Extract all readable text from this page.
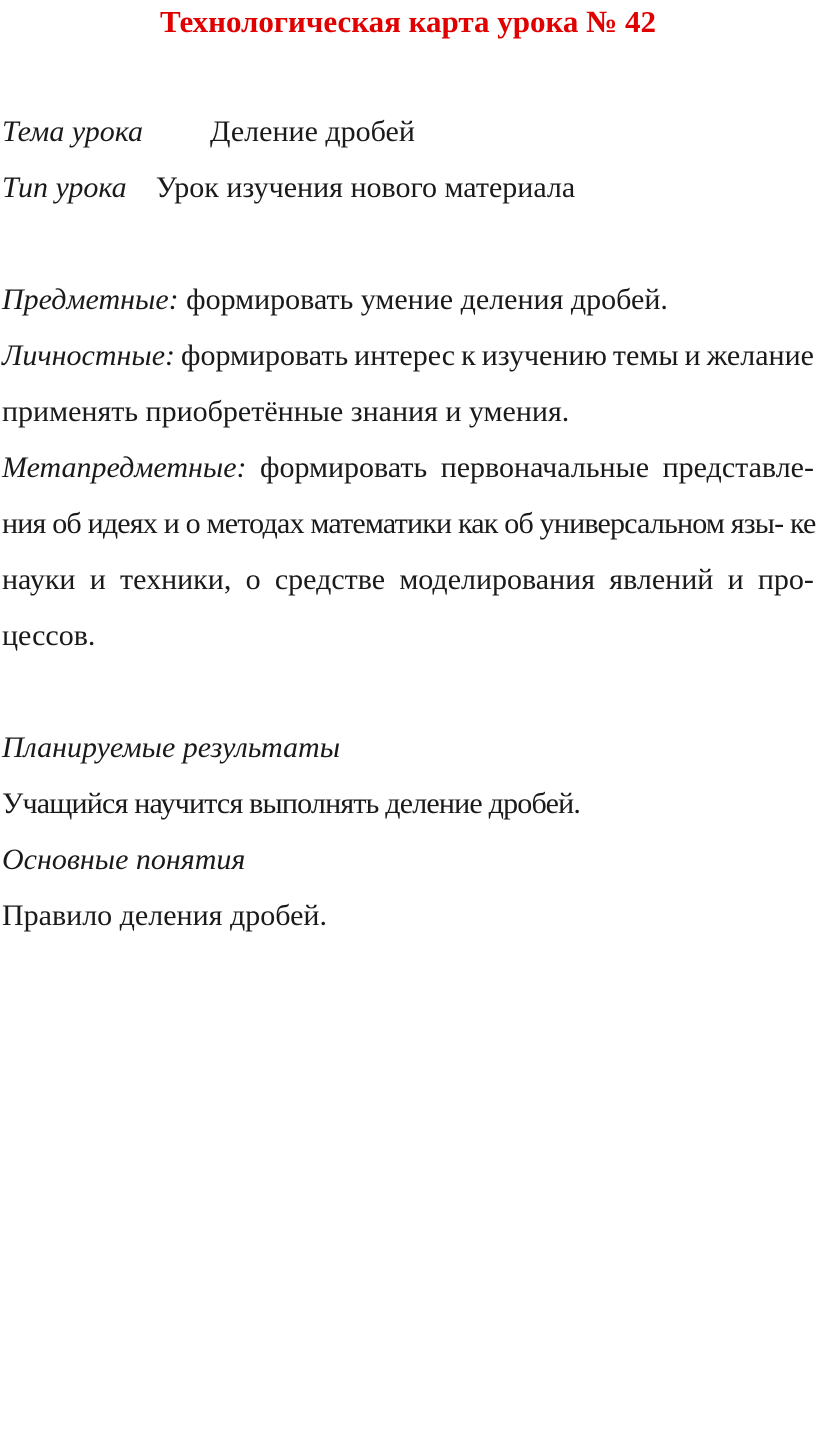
Технологическая карта урока № 42
Тема урока Деление дробей
Тип урока Урок изучения нового материала
Предметные: формировать умение деления дробей.
Личностные: формировать интерес к изучению темы и желание
применять приобретённые знания и умения.
Метапредметные: формировать первоначальные представле-
ния об идеях и о методах математики как об универсальном язы- ке
науки и техники, о средстве моделирования явлений и про-
цессов.
Планируемые результаты
Учащийся научится выполнять деление дробей.
Основные понятия
Правило деления дробей.
